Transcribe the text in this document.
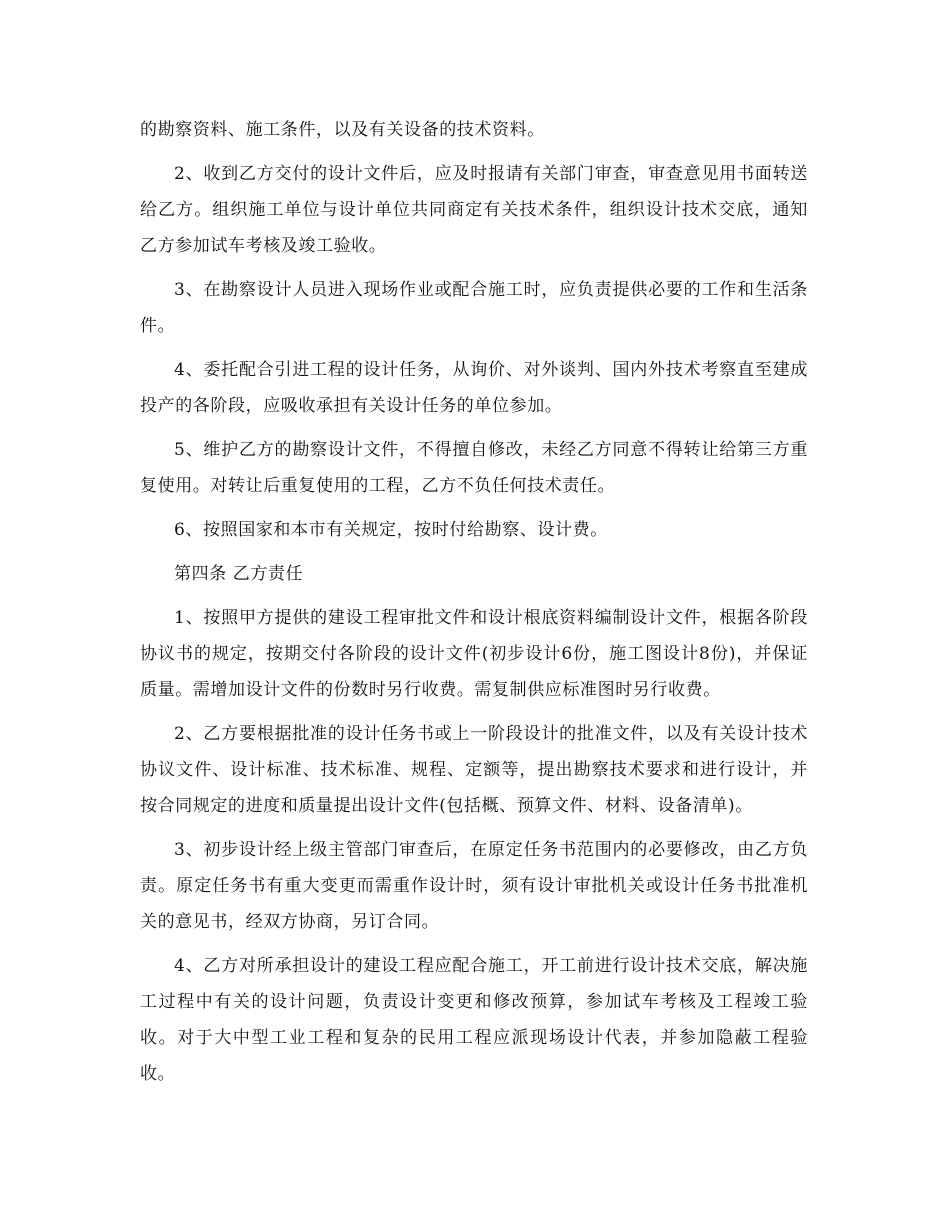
的勘察资料、施工条件，以及有关设备的技术资料。

2、收到乙方交付的设计文件后，应及时报请有关部门审查，审查意见用书面转送给乙方。组织施工单位与设计单位共同商定有关技术条件，组织设计技术交底，通知乙方参加试车考核及竣工验收。

3、在勘察设计人员进入现场作业或配合施工时，应负责提供必要的工作和生活条件。

4、委托配合引进工程的设计任务，从询价、对外谈判、国内外技术考察直至建成投产的各阶段，应吸收承担有关设计任务的单位参加。

5、维护乙方的勘察设计文件，不得擅自修改，未经乙方同意不得转让给第三方重复使用。对转让后重复使用的工程，乙方不负任何技术责任。

6、按照国家和本市有关规定，按时付给勘察、设计费。

第四条 乙方责任

1、按照甲方提供的建设工程审批文件和设计根底资料编制设计文件，根据各阶段协议书的规定，按期交付各阶段的设计文件(初步设计6份，施工图设计8份)，并保证质量。需增加设计文件的份数时另行收费。需复制供应标准图时另行收费。

2、乙方要根据批准的设计任务书或上一阶段设计的批准文件，以及有关设计技术协议文件、设计标准、技术标准、规程、定额等，提出勘察技术要求和进行设计，并按合同规定的进度和质量提出设计文件(包括概、预算文件、材料、设备清单)。

3、初步设计经上级主管部门审查后，在原定任务书范围内的必要修改，由乙方负责。原定任务书有重大变更而需重作设计时，须有设计审批机关或设计任务书批准机关的意见书，经双方协商，另订合同。

4、乙方对所承担设计的建设工程应配合施工，开工前进行设计技术交底，解决施工过程中有关的设计问题，负责设计变更和修改预算，参加试车考核及工程竣工验收。对于大中型工业工程和复杂的民用工程应派现场设计代表，并参加隐蔽工程验收。
